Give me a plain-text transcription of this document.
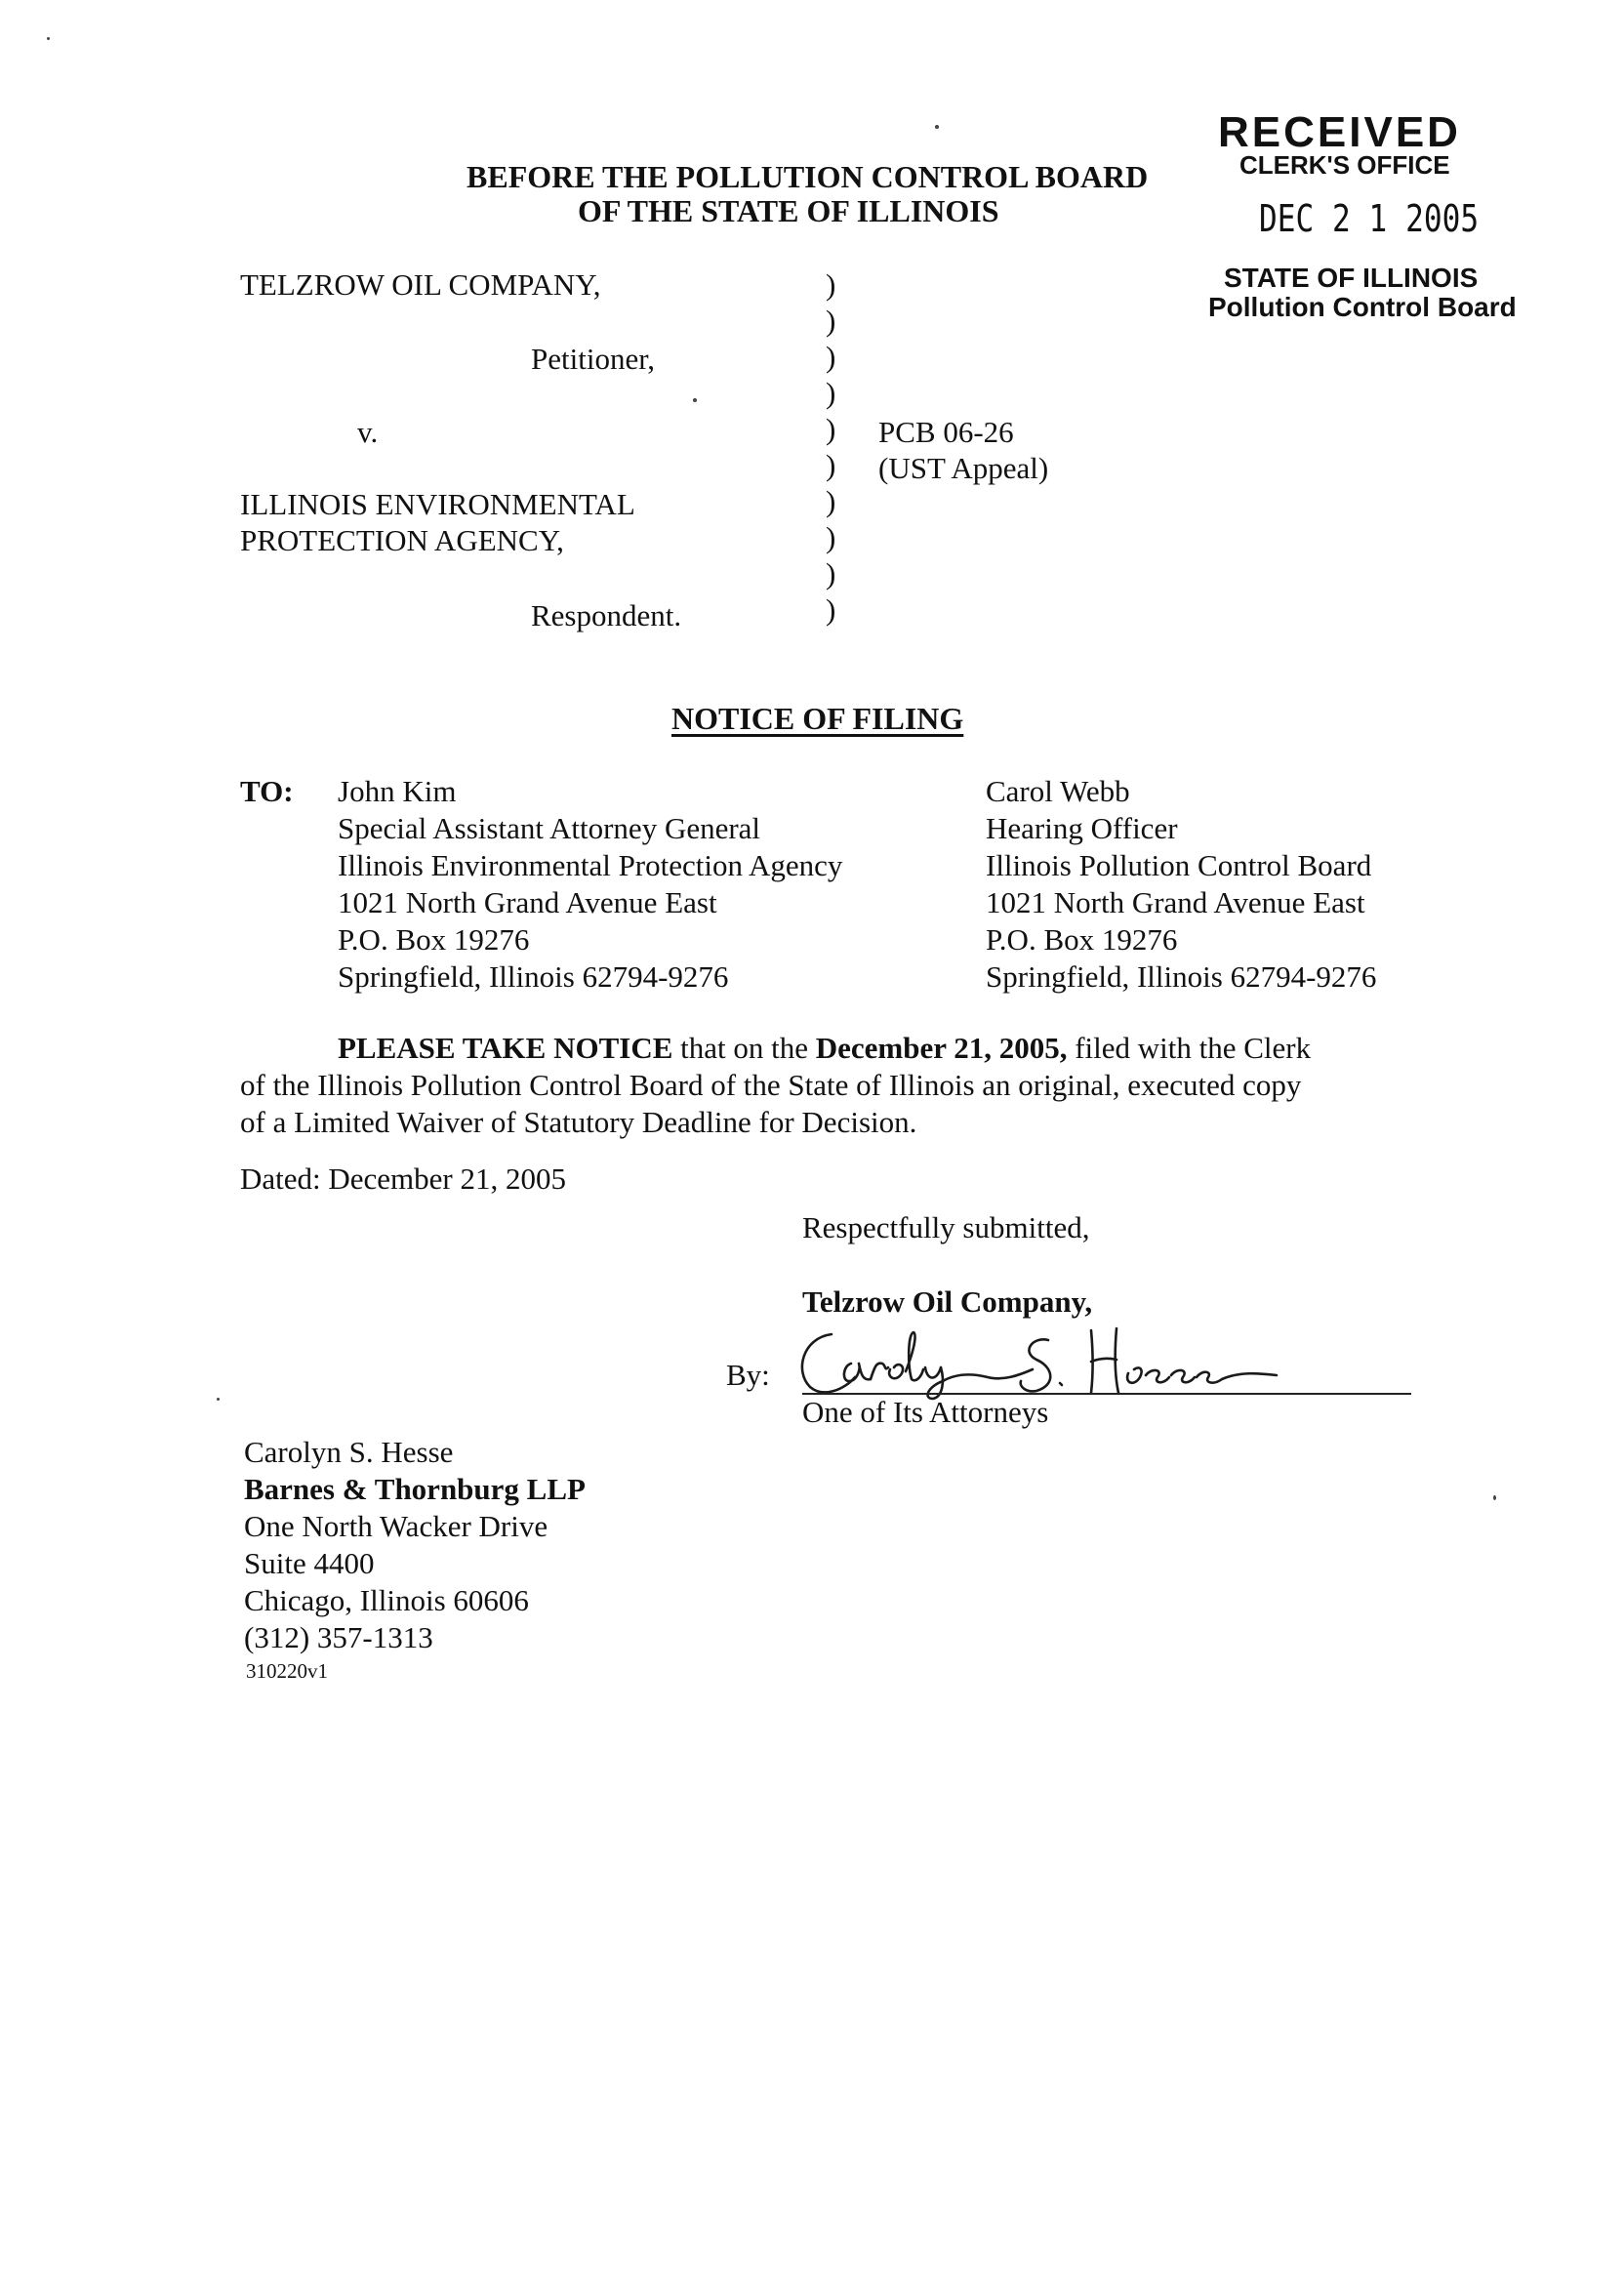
RECEIVED
CLERK'S OFFICE
DEC 2 1 2005
STATE OF ILLINOIS
Pollution Control Board
BEFORE THE POLLUTION CONTROL BOARD
OF THE STATE OF ILLINOIS
TELZROW OIL COMPANY,
Petitioner,
v.
ILLINOIS ENVIRONMENTAL
PROTECTION AGENCY,
Respondent.
)
)
)
)
)
)
)
)
)
)
PCB 06-26
(UST Appeal)
NOTICE OF FILING
TO: John Kim
Special Assistant Attorney General
Illinois Environmental Protection Agency
1021 North Grand Avenue East
P.O. Box 19276
Springfield, Illinois 62794-9276
Carol Webb
Hearing Officer
Illinois Pollution Control Board
1021 North Grand Avenue East
P.O. Box 19276
Springfield, Illinois 62794-9276
PLEASE TAKE NOTICE that on the December 21, 2005, filed with the Clerk
of the Illinois Pollution Control Board of the State of Illinois an original, executed copy
of a Limited Waiver of Statutory Deadline for Decision.
Dated: December 21, 2005
Respectfully submitted,
Telzrow Oil Company,
By:
One of Its Attorneys
Carolyn S. Hesse
Barnes & Thornburg LLP
One North Wacker Drive
Suite 4400
Chicago, Illinois 60606
(312) 357-1313
310220v1
